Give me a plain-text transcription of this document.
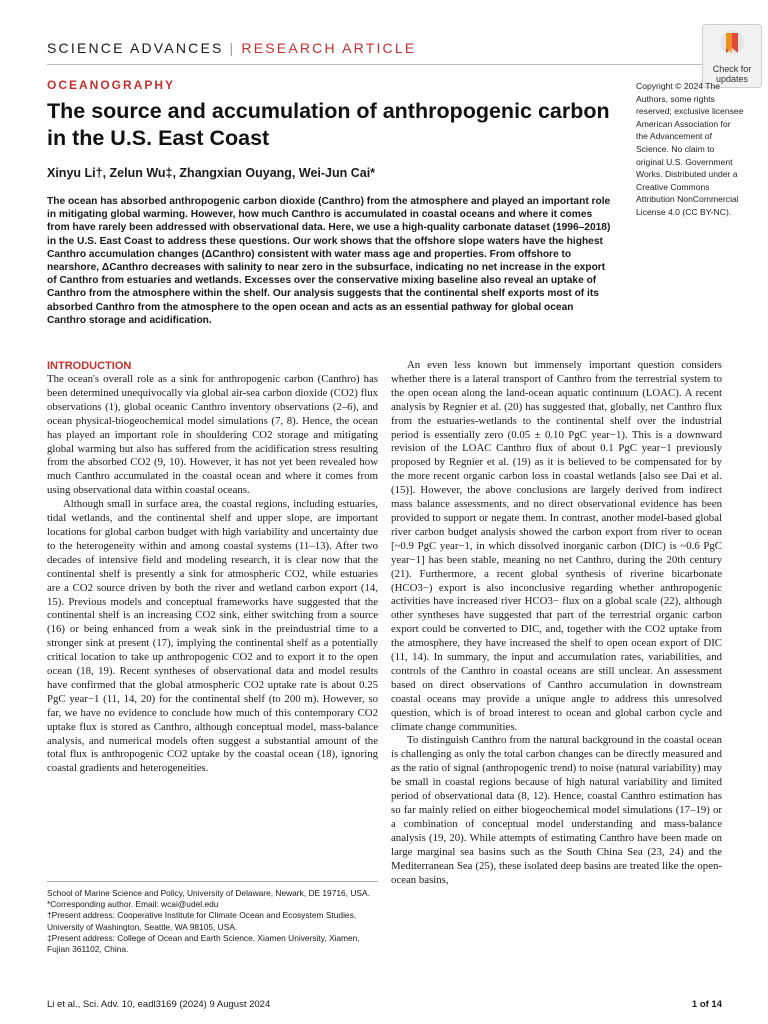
SCIENCE ADVANCES | RESEARCH ARTICLE
Check for
updates
OCEANOGRAPHY
The source and accumulation of anthropogenic carbon in the U.S. East Coast
Xinyu Li†, Zelun Wu‡, Zhangxian Ouyang, Wei-Jun Cai*
Copyright © 2024 The Authors, some rights reserved; exclusive licensee American Association for the Advancement of Science. No claim to original U.S. Government Works. Distributed under a Creative Commons Attribution NonCommercial License 4.0 (CC BY-NC).

The ocean has absorbed anthropogenic carbon dioxide (Canthro) from the atmosphere and played an important role in mitigating global warming. However, how much Canthro is accumulated in coastal oceans and where it comes from have rarely been addressed with observational data. Here, we use a high-quality carbonate dataset (1996–2018) in the U.S. East Coast to address these questions. Our work shows that the offshore slope waters have the highest Canthro accumulation changes (ΔCanthro) consistent with water mass age and properties. From offshore to nearshore, ΔCanthro decreases with salinity to near zero in the subsurface, indicating no net increase in the export of Canthro from estuaries and wetlands. Excesses over the conservative mixing baseline also reveal an uptake of Canthro from the atmosphere within the shelf. Our analysis suggests that the continental shelf exports most of its absorbed Canthro from the atmosphere to the open ocean and acts as an essential pathway for global ocean Canthro storage and acidification.

INTRODUCTION

The ocean's overall role as a sink for anthropogenic carbon (Canthro) has been determined unequivocally via global air-sea carbon dioxide (CO2) flux observations (1), global oceanic Canthro inventory observations (2–6), and ocean physical-biogeochemical model simulations (7, 8). Hence, the ocean has played an important role in shouldering CO2 storage and mitigating global warming but also has suffered from the acidification stress resulting from the absorbed CO2 (9, 10). However, it has not yet been revealed how much Canthro accumulated in the coastal ocean and where it comes from using observational data within coastal oceans.

Although small in surface area, the coastal regions, including estuaries, tidal wetlands, and the continental shelf and upper slope, are important locations for global carbon budget with high variability and uncertainty due to the heterogeneity within and among coastal systems (11–13). After two decades of intensive field and modeling research, it is clear now that the continental shelf is presently a sink for atmospheric CO2, while estuaries are a CO2 source driven by both the river and wetland carbon export (14, 15). Previous models and conceptual frameworks have suggested that the continental shelf is an increasing CO2 sink, either switching from a source (16) or being enhanced from a weak sink in the preindustrial time to a stronger sink at present (17), implying the continental shelf as a potentially critical location to take up anthropogenic CO2 and to export it to the open ocean (18, 19). Recent syntheses of observational data and model results have confirmed that the global atmospheric CO2 uptake rate is about 0.25 PgC year−1 (11, 14, 20) for the continental shelf (to 200 m). However, so far, we have no evidence to conclude how much of this contemporary CO2 uptake flux is stored as Canthro, although conceptual model, mass-balance analysis, and numerical models often suggest a substantial amount of the total flux is anthropogenic CO2 uptake by the coastal ocean (18), ignoring coastal gradients and heterogeneities.

School of Marine Science and Policy, University of Delaware, Newark, DE 19716, USA.
*Corresponding author. Email: wcai@udel.edu
†Present address: Cooperative Institute for Climate Ocean and Ecosystem Studies, University of Washington, Seattle, WA 98105, USA.
‡Present address: College of Ocean and Earth Science, Xiamen University, Xiamen, Fujian 361102, China.

An even less known but immensely important question considers whether there is a lateral transport of Canthro from the terrestrial system to the open ocean along the land-ocean aquatic continuum (LOAC). A recent analysis by Regnier et al. (20) has suggested that, globally, net Canthro flux from the estuaries-wetlands to the continental shelf over the industrial period is essentially zero (0.05 ± 0.10 PgC year−1). This is a downward revision of the LOAC Canthro flux of about 0.1 PgC year−1 previously proposed by Regnier et al. (19) as it is believed to be compensated for by the more recent organic carbon loss in coastal wetlands [also see Dai et al. (15)]. However, the above conclusions are largely derived from indirect mass balance assessments, and no direct observational evidence has been provided to support or negate them. In contrast, another model-based global river carbon budget analysis showed the carbon export from river to ocean [~0.9 PgC year−1, in which dissolved inorganic carbon (DIC) is ~0.6 PgC year−1] has been stable, meaning no net Canthro, during the 20th century (21). Furthermore, a recent global synthesis of riverine bicarbonate (HCO3−) export is also inconclusive regarding whether anthropogenic activities have increased river HCO3− flux on a global scale (22), although other syntheses have suggested that part of the terrestrial organic carbon export could be converted to DIC, and, together with the CO2 uptake from the atmosphere, they have increased the shelf to open ocean export of DIC (11, 14). In summary, the input and accumulation rates, variabilities, and controls of the Canthro in coastal oceans are still unclear. An assessment based on direct observations of Canthro accumulation in downstream coastal oceans may provide a unique angle to address this unresolved question, which is of broad interest to ocean and global carbon cycle and climate change communities.

To distinguish Canthro from the natural background in the coastal ocean is challenging as only the total carbon changes can be directly measured and as the ratio of signal (anthropogenic trend) to noise (natural variability) may be small in coastal regions because of high natural variability and limited period of observational data (8, 12). Hence, coastal Canthro estimation has so far mainly relied on either biogeochemical model simulations (17–19) or a combination of conceptual model understanding and mass-balance analysis (19, 20). While attempts of estimating Canthro have been made on large marginal sea basins such as the South China Sea (23, 24) and the Mediterranean Sea (25), these isolated deep basins are treated like the open-ocean basins,

Li et al., Sci. Adv. 10, eadl3169 (2024) 9 August 2024	1 of 14
